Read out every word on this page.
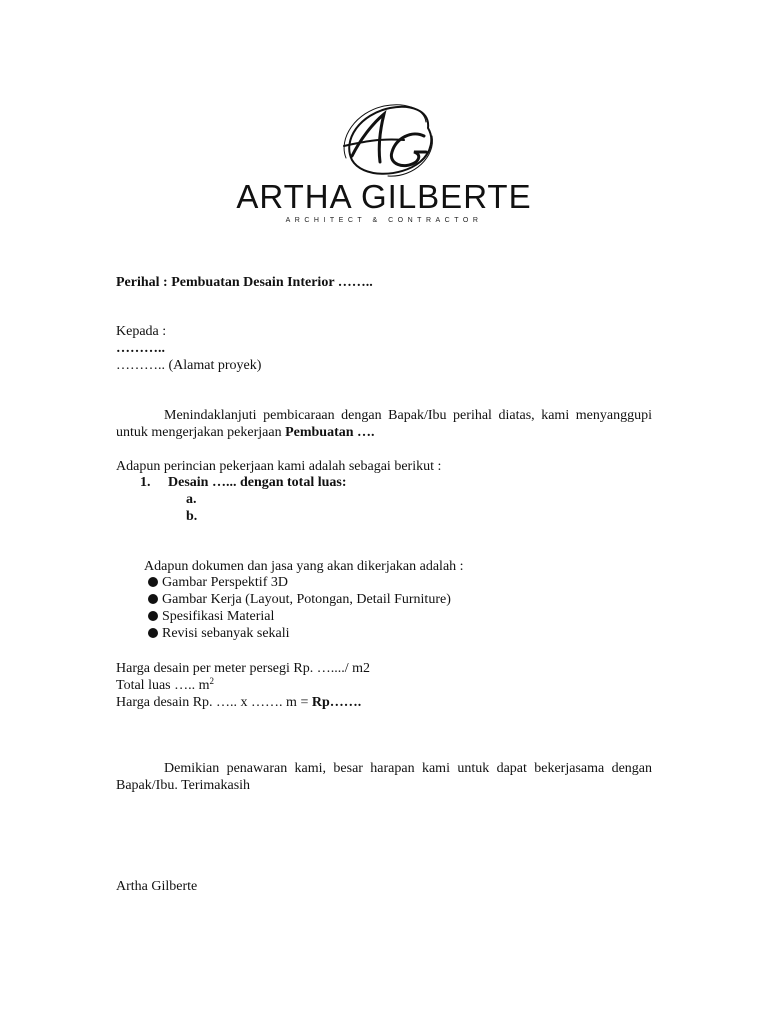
ARTHA GILBERTE
ARCHITECT & CONTRACTOR
Perihal : Pembuatan Desain Interior ……..
Kepada :
………..
……….. (Alamat proyek)
Adapun perincian pekerjaan kami adalah sebagai berikut :
1. Desain …... dengan total luas:
a.
b.
Adapun dokumen dan jasa yang akan dikerjakan adalah :
Gambar Perspektif 3D
Gambar Kerja (Layout, Potongan, Detail Furniture)
Spesifikasi Material
Revisi sebanyak sekali
Harga desain per meter persegi Rp. …..../ m2
Total luas ….. $m^2$
Harga desain Rp. ….. x ……. m = Rp…….
Artha Gilberte
Menindaklanjuti pembicaraan dengan Bapak/Ibu perihal diatas, kami menyanggupi untuk mengerjakan pekerjaan Pembuatan ….
Demikian penawaran kami, besar harapan kami untuk dapat bekerjasama dengan Bapak/Ibu. Terimakasih
